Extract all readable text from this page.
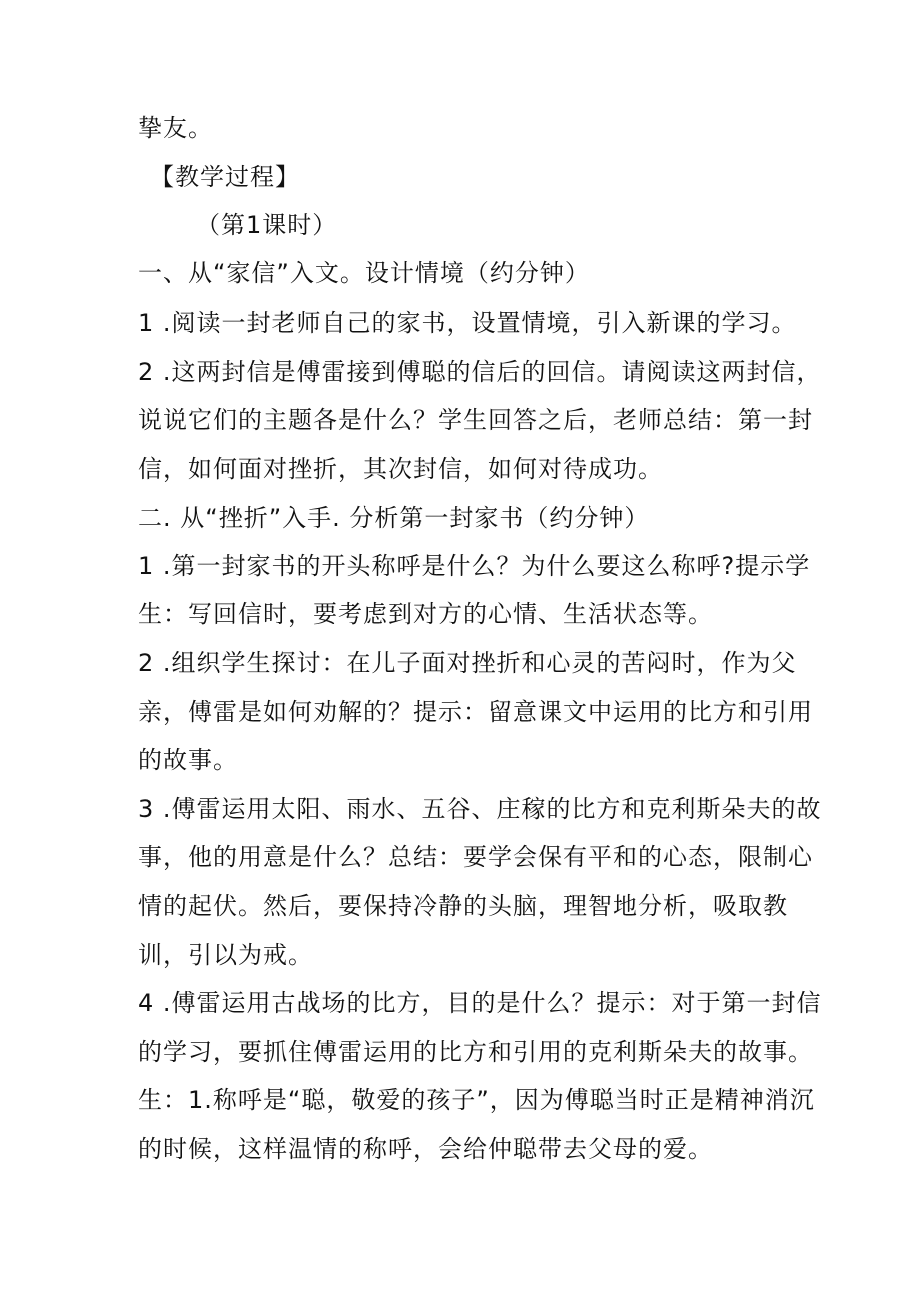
挚友。
【教学过程】
（第1课时）
一、从“家信”入文。设计情境（约分钟）
1 .阅读一封老师自己的家书，设置情境，引入新课的学习。
2 .这两封信是傅雷接到傅聪的信后的回信。请阅读这两封信，
说说它们的主题各是什么？学生回答之后，老师总结：第一封
信，如何面对挫折，其次封信，如何对待成功。
二. 从“挫折”入手. 分析第一封家书（约分钟）
1 .第一封家书的开头称呼是什么？为什么要这么称呼?提示学
生：写回信时，要考虑到对方的心情、生活状态等。
2 .组织学生探讨：在儿子面对挫折和心灵的苦闷时，作为父
亲，傅雷是如何劝解的？提示：留意课文中运用的比方和引用
的故事。
3 .傅雷运用太阳、雨水、五谷、庄稼的比方和克利斯朵夫的故
事，他的用意是什么？总结：要学会保有平和的心态，限制心
情的起伏。然后，要保持冷静的头脑，理智地分析，吸取教
训，引以为戒。
4 .傅雷运用古战场的比方，目的是什么？提示：对于第一封信
的学习，要抓住傅雷运用的比方和引用的克利斯朵夫的故事。
生：1.称呼是“聪，敬爱的孩子”，因为傅聪当时正是精神消沉
的时候，这样温情的称呼，会给仲聪带去父母的爱。
